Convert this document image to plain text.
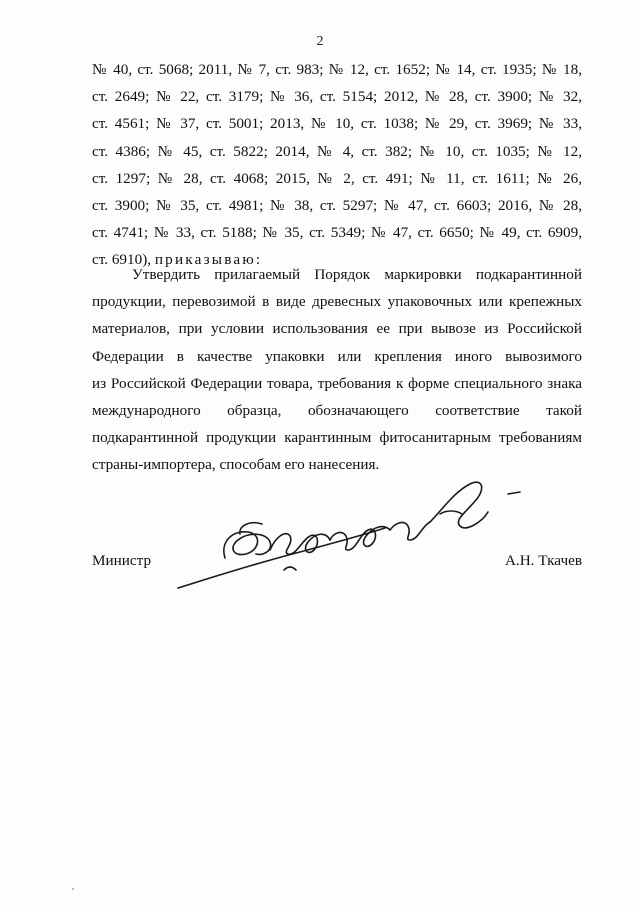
2
№ 40, ст. 5068; 2011, № 7, ст. 983; № 12, ст. 1652; № 14, ст. 1935; № 18,
ст. 2649; № 22, ст. 3179; № 36, ст. 5154; 2012, № 28, ст. 3900; № 32,
ст. 4561; № 37, ст. 5001; 2013, № 10, ст. 1038; № 29, ст. 3969; № 33,
ст. 4386; № 45, ст. 5822; 2014, № 4, ст. 382; № 10, ст. 1035; № 12,
ст. 1297; № 28, ст. 4068; 2015, № 2, ст. 491; № 11, ст. 1611; № 26,
ст. 3900; № 35, ст. 4981; № 38, ст. 5297; № 47, ст. 6603; 2016, № 28,
ст. 4741; № 33, ст. 5188; № 35, ст. 5349; № 47, ст. 6650; № 49, ст. 6909,
ст. 6910), приказываю:
Утвердить прилагаемый Порядок маркировки подкарантинной
продукции, перевозимой в виде древесных упаковочных или крепежных
материалов, при условии использования ее при вывозе из Российской
Федерации в качестве упаковки или крепления иного вывозимого
из Российской Федерации товара, требования к форме специального знака
международного образца, обозначающего соответствие такой
подкарантинной продукции карантинным фитосанитарным требованиям
страны-импортера, способам его нанесения.
Министр	А.Н. Ткачев
